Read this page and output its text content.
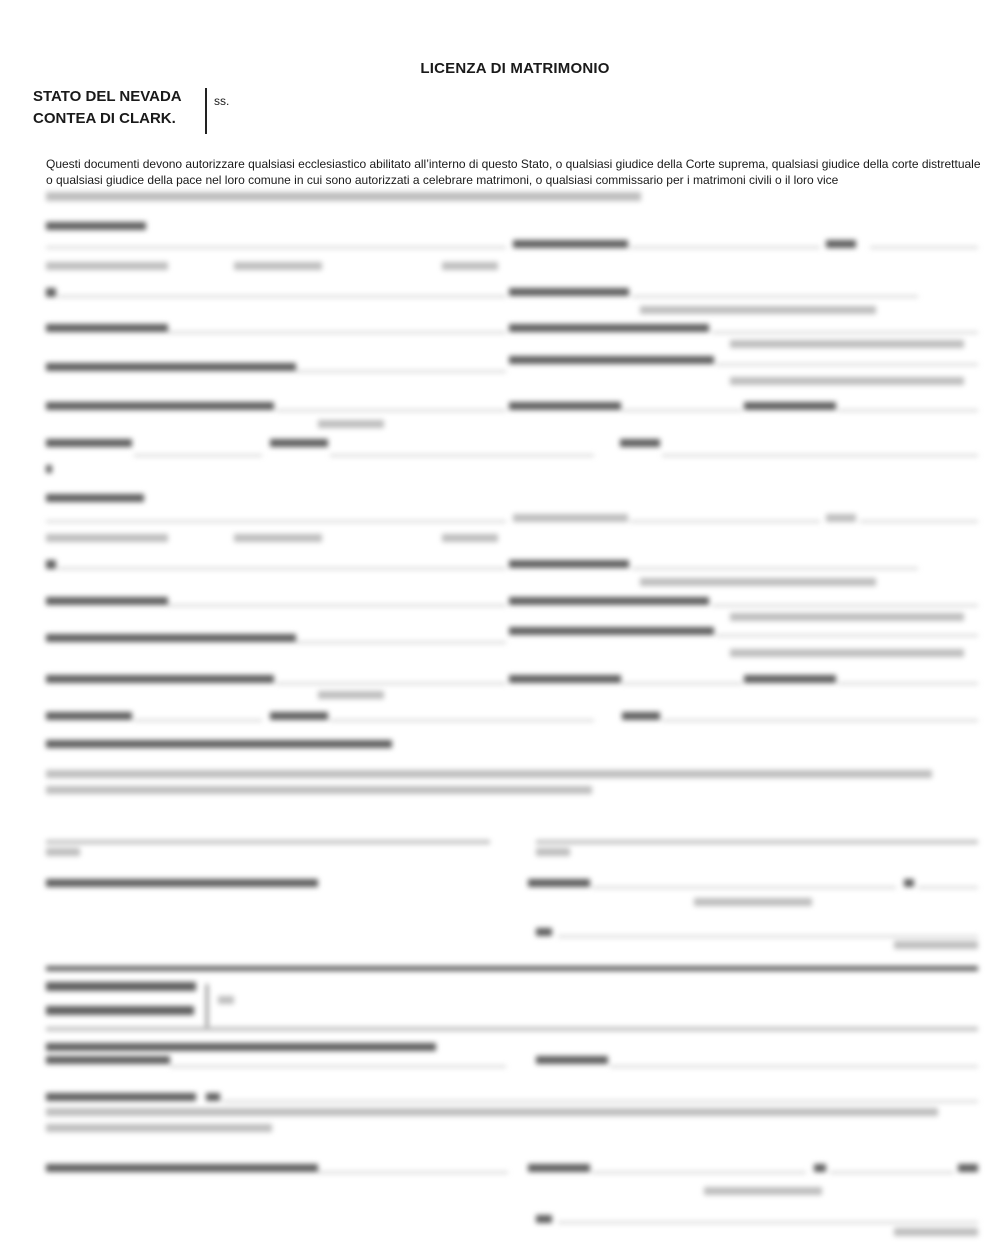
LICENZA DI MATRIMONIO
STATO DEL NEVADA
CONTEA DI CLARK.
ss.
Questi documenti devono autorizzare qualsiasi ecclesiastico abilitato all’interno di questo Stato, o qualsiasi giudice della Corte suprema, qualsiasi giudice della corte distrettuale o qualsiasi giudice della pace nel loro comune in cui sono autorizzati a celebrare matrimoni, o qualsiasi commissario per i matrimoni civili o il loro vice
